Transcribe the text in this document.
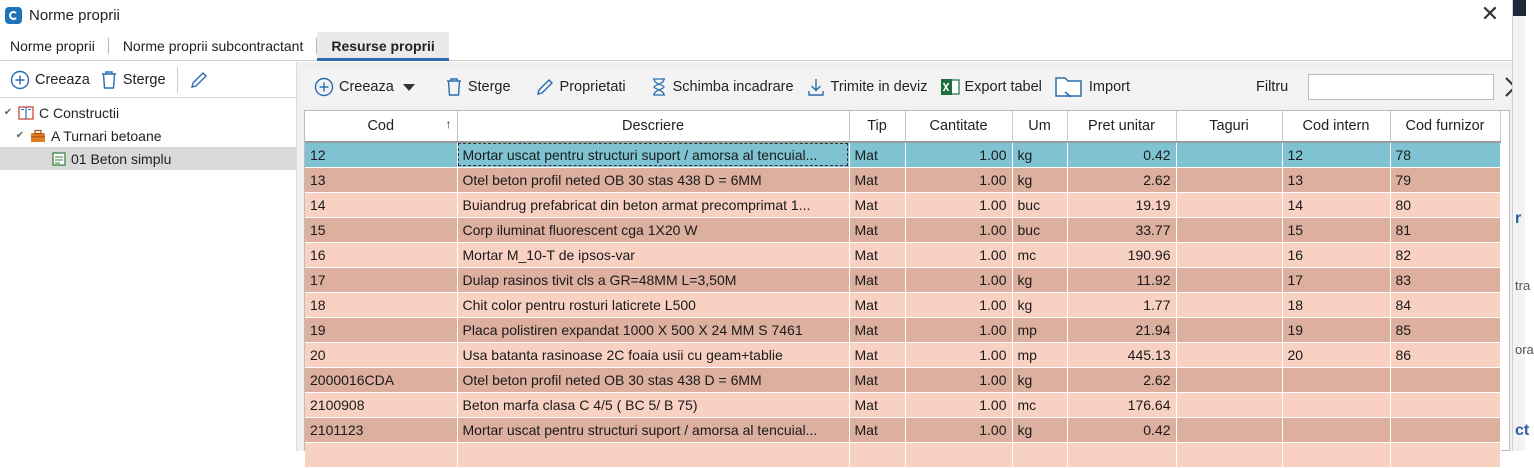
Norme proprii	✕
Norme proprii	Norme proprii subcontractant	Resurse proprii
Creeaza Sterge
✔ C Constructii
✔ A Turnari betoane
01 Beton simplu
Creeaza	Sterge	Proprietati	Schimba incadrare	Trimite in deviz	Export tabel	Import	Filtru
Cod ↑	Descriere	Tip	Cantitate	Um	Pret unitar	Taguri	Cod intern	Cod furnizor
12	Mortar uscat pentru structuri suport / amorsa al tencuial...	Mat	1.00	kg	0.42		12	78
13	Otel beton profil neted OB 30 stas 438 D = 6MM	Mat	1.00	kg	2.62		13	79
14	Buiandrug prefabricat din beton armat precomprimat 1...	Mat	1.00	buc	19.19		14	80
15	Corp iluminat fluorescent cga 1X20 W	Mat	1.00	buc	33.77		15	81
16	Mortar M_10-T de ipsos-var	Mat	1.00	mc	190.96		16	82
17	Dulap rasinos tivit cls a GR=48MM L=3,50M	Mat	1.00	kg	11.92		17	83
18	Chit color pentru rosturi laticrete L500	Mat	1.00	kg	1.77		18	84
19	Placa polistiren expandat 1000 X 500 X 24 MM S 7461	Mat	1.00	mp	21.94		19	85
20	Usa batanta rasinoase 2C foaia usii cu geam+tablie	Mat	1.00	mp	445.13		20	86
2000016CDA	Otel beton profil neted OB 30 stas 438 D = 6MM	Mat	1.00	kg	2.62			
2100908	Beton marfa clasa C 4/5 ( BC 5/ B 75)	Mat	1.00	mc	176.64			
2101123	Mortar uscat pentru structuri suport / amorsa al tencuial...	Mat	1.00	kg	0.42			

r
tra
ora
ct
